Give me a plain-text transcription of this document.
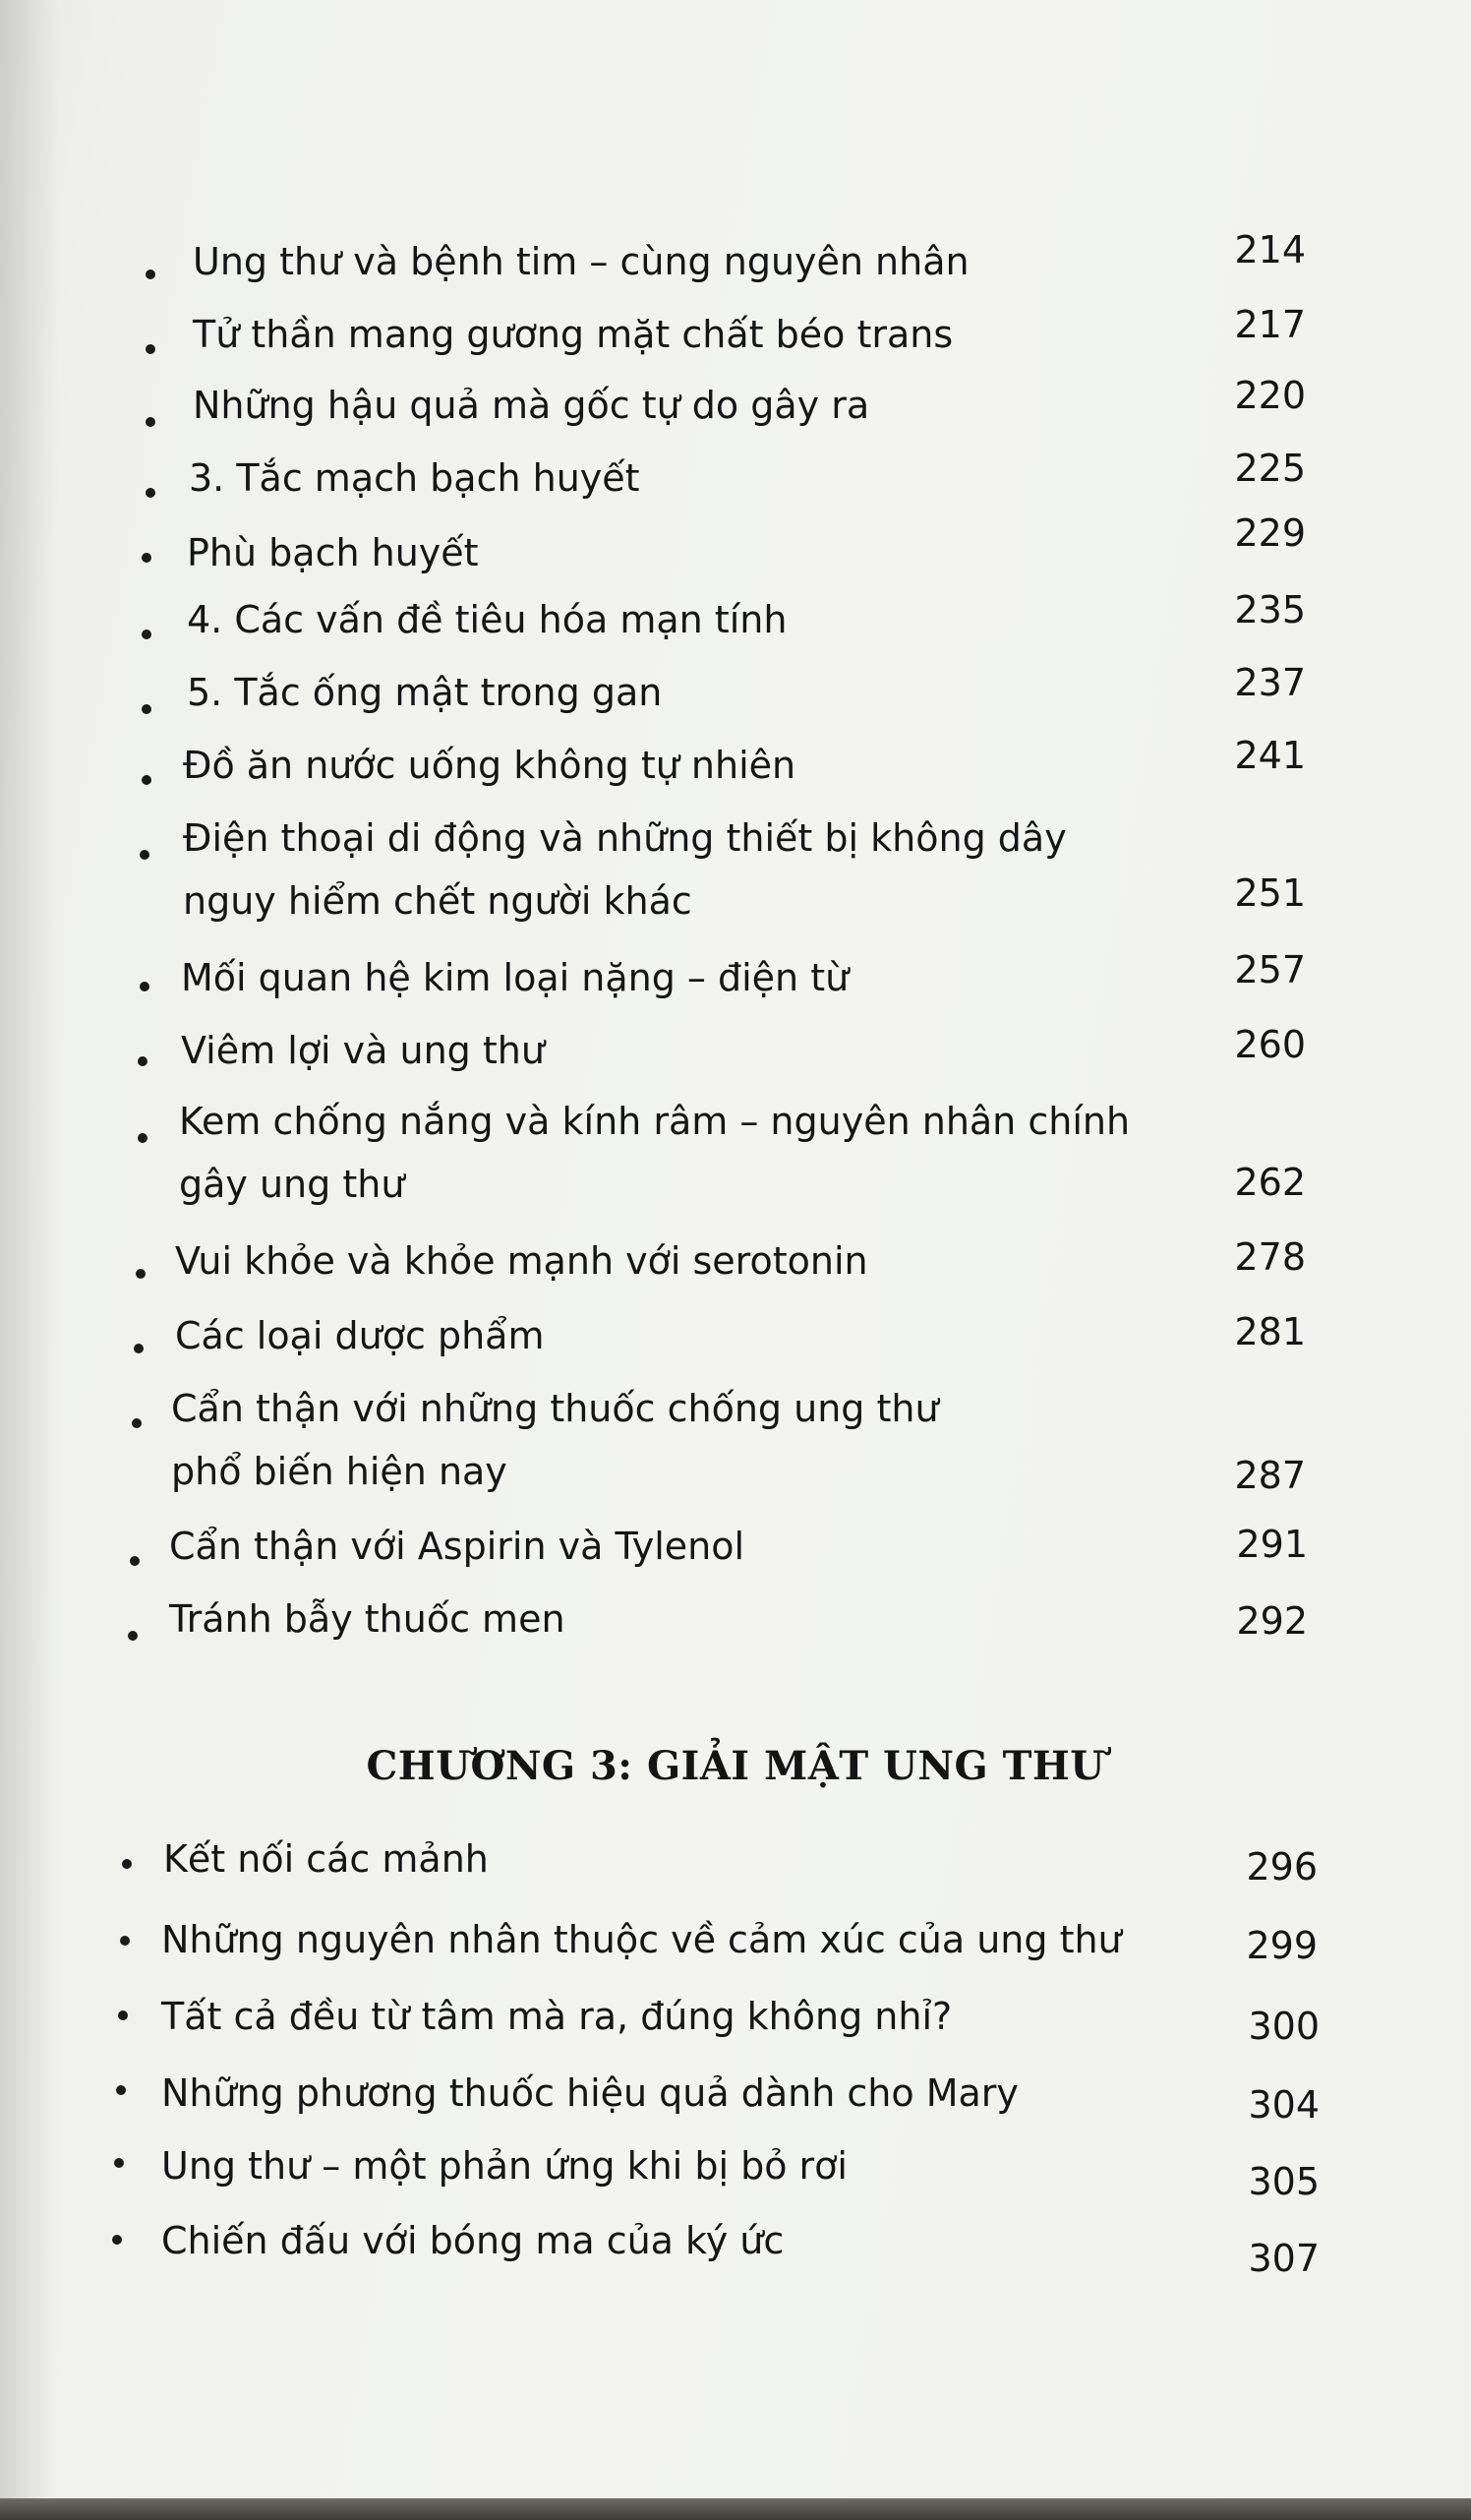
Ung thư và bệnh tim – cùng nguyên nhân	214
Tử thần mang gương mặt chất béo trans	217
Những hậu quả mà gốc tự do gây ra	220
3. Tắc mạch bạch huyết	225
Phù bạch huyết	229
4. Các vấn đề tiêu hóa mạn tính	235
5. Tắc ống mật trong gan	237
Đồ ăn nước uống không tự nhiên	241
Điện thoại di động và những thiết bị không dây
nguy hiểm chết người khác	251
Mối quan hệ kim loại nặng – điện từ	257
Viêm lợi và ung thư	260
Kem chống nắng và kính râm – nguyên nhân chính
gây ung thư	262
Vui khỏe và khỏe mạnh với serotonin	278
Các loại dược phẩm	281
Cẩn thận với những thuốc chống ung thư
phổ biến hiện nay	287
Cẩn thận với Aspirin và Tylenol	291
Tránh bẫy thuốc men	292
CHƯƠNG 3: GIẢI MẬT UNG THƯ
Kết nối các mảnh	296
Những nguyên nhân thuộc về cảm xúc của ung thư	299
Tất cả đều từ tâm mà ra, đúng không nhỉ?	300
Những phương thuốc hiệu quả dành cho Mary	304
Ung thư – một phản ứng khi bị bỏ rơi	305
Chiến đấu với bóng ma của ký ức	307
